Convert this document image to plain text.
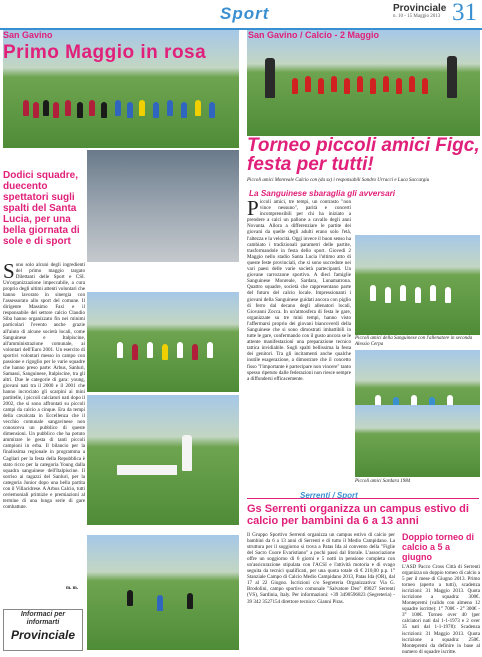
Sport	Provinciale
n. 10 - 15 Maggio 2013 31
San Gavino
Primo Maggio in rosa
Dodici squadre, duecento spettatori sugli spalti del Santa Lucia, per una bella giornata di sole e di sport
Sono solo alcuni degli ingredienti del primo maggio targato Dilettanti delle Sport e CSI. Un'organizzazione impeccabile, a cura proprio degli ultimi attenti volontari che hanno lavorato in sinergia con l'assessorato allo sport del comune. Il dirigente Massimo Faxi e il responsabile del settore calcio Claudio Siba hanno organizzato fin nei minimi particolari l'evento anche grazie all'aiuto di alcune società locali, come Sanguinese e Italpiscine, all'amministrazione comunale, ai volontari dell'Euro 2001. Un esercito di sportivi volontari messo in campo con passione e rigoglio per le varie squadre che hanno preso parte: Arbus, Sanluri, Samassi, Sanguinese, Italpiscine, tra gli altri. Due le categorie di gara: young, giovani nati tra il 2000 e il 2001 che hanno incrociato gli scarpini ai mini partitelle, i piccoli calciatori nati dopo il 2002, che si sono affrontati su piccoli campi da calcio a cinque. Era da tempi della cavalcata in Eccellenza che il vecchio comunale sangavinese non conosceva un pubblico di queste dimensioni. Un pubblico che ha potuto ammirare le gesta di tanti piccoli campioni in erba. Il bilancio per la finalissima regionale in programma a Cagliari per la festa della Repubblica è stato ricco per la categoria Young dalla squadra sanguinese dell'Italpiscine. Il sorriso ai ragazzi del Sanluri, per la categoria Junior dopo una bella partita con il Villacidrese. A Arbus Calcio, tutti ceriemoniali primizie e premiazioni al termine di una lunga serie di gare combattute.
m. m.
Informaci per informarti
Provinciale
San Gavino / Calcio - 2 Maggio
Torneo piccoli amici Figc, festa per tutti!
Piccoli amici Monreale Calcio con (da sx) i responsabili Sandro Urracci e Luca Saccargiu
La Sanguinese sbaraglia gli avversari
Piccoli amici, tre tempi, un contrasto "non vince nessuno", parità e concerti incomprensibili per chi ha iniziato a prendere a calci un pallone a cavallo degli anni Novanta. Allora a differenziare le partite dei giovani da quelle degli adulti erano solo l'età, l'altezza e la velocità. Oggi invece il buon senso ha cambiato i tradizionali parametri delle partite, trasformandole in festa dello sport. Giovedì 2 Maggio nello stadio Santa Lucia l'ultimo atto di queste feste provinciali, che si sono succedute nei vari paesi delle varie società partecipanti. Un giovane carrozzone sportivo. A dieci famiglie Sanguinese Monreale, Sardara, Lunamatrona. Quattro squadre, società che rappresentano parte del futuro del calcio locale. Impressionanti i giovani della Sanguinese guidati ancora con piglio di ferro dal decano degli allenatori locali, Giovanni Zocca. In un'atmosfera di festa le gare, organizzate su tre mini tempi, hanno visto l'affermarsi proprio dei giovani biancoverdi della Sanguinese che si sono dimostrati imbattibili in tutte le gare, confermando con il gusto ancora se le attente manifestazioni una preparazione tecnico tattica invidiabile. Sugli spalti bellissima la festa dei genitori. Tra gli incitamenti anche qualche inutile esagerazione, a dimostrare che il concetto fisso "l'importante è partecipare non vincere" tanto spesso ripetuto dalle federazioni non riesce sempre a diffondersi efficacemente.
Piccoli amici della Sanguinese con l'allenatore in seconda Alessio Cerpa
Piccoli amici Sardara 1984
Serrenti / Sport
Gs Serrenti organizza un campus estivo di calcio per bambini da 6 a 13 anni
Il Gruppo Sportivo Serrenti organizza un campus estivo di calcio per bambini da 6 a 13 anni di Serrenti e di tutto il Medio Campidano. La struttura per il soggiorno si trova a Patas Ida al convento della "Figlie del Sacro Cuore Evaristiano" a pochi passi dal litorale. L'associazione offre un soggiorno di 6 giorni e 5 notti in pensione completa con un'assicurazione stipulata con l'ACSI e l'attività motoria e di svago seguita da tecnici qualificati, per una quota totale di € 210,00 p.p. 1° Stanziale Campo di Calcio Medio Campidano 2013, Patas Ida (OR), dal 17 al 22 Giugno. Iscrizioni c/o Segreteria Organizzativa: Via G. Brodolini, campo sportivo comunale "Salvatore Deo" 09027 Serrenti (VS), Sardinia, Italy. Per informazioni: +39 3490596823 (Segreteria) - 39 342 3527154 direttore tecnico: Gianni Piras.
Doppio torneo di calcio a 5 a giugno
L'ASD Pacco Cross Città di Serrenti organizza un doppio torneo di calcio a 5 per il mese di Giugno 2013. Primo torneo (aperto a tutti), scadenza iscrizioni: 31 Maggio 2013. Quota iscrizione a squadra: 300€. Montepremi (valido con almeno 12 squadre iscritte): 1° 700€ - 2° 300€ - 3° 100€. Torneo over 40 (per calciatori nati dal 1-1-1973 e 2 over 35 nati dal 1-1-1978): Scadenza iscrizioni: 31 Maggio 2013. Quota iscrizione a squadra: 250€. Montepremi da definire in base al numero di squadre iscritte.
